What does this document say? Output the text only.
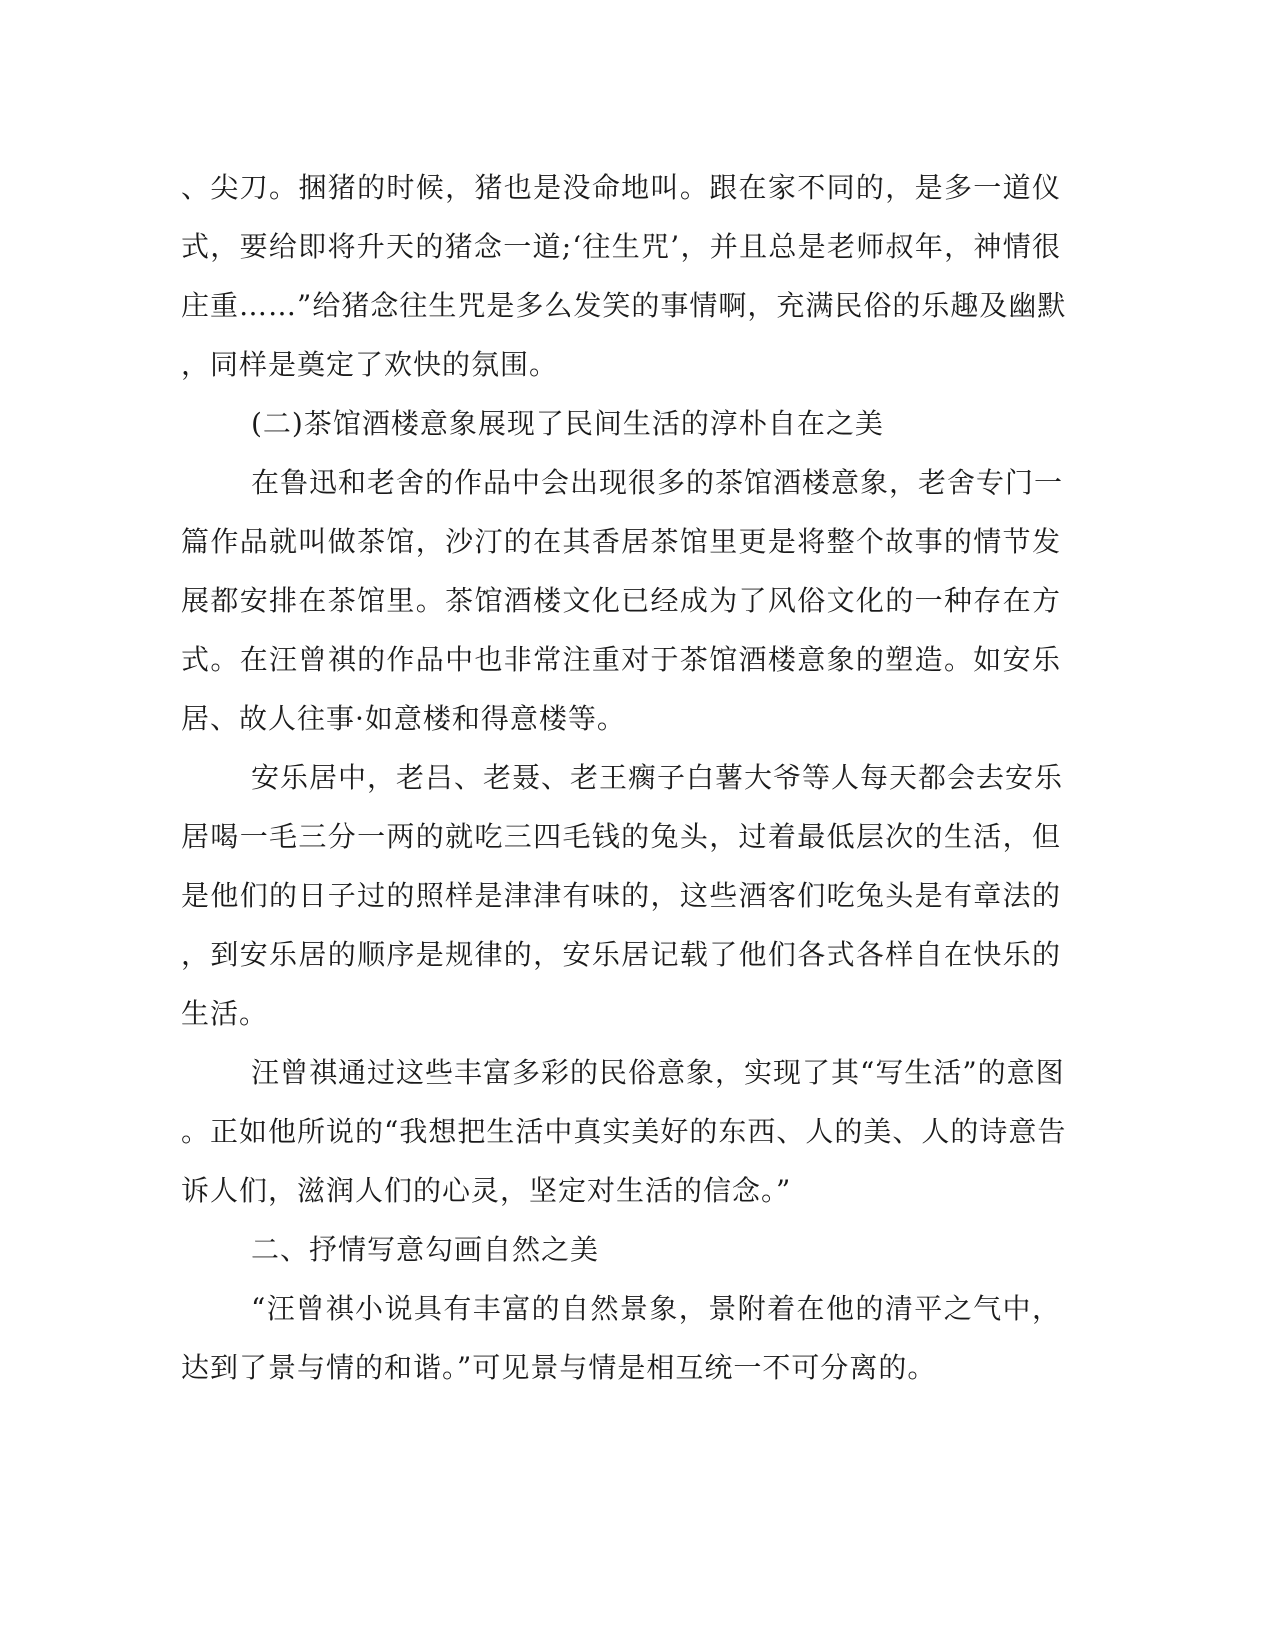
、尖刀。捆猪的时候，猪也是没命地叫。跟在家不同的，是多一道仪
式，要给即将升天的猪念一道;‘往生咒’，并且总是老师叔年，神情很
庄重……”给猪念往生咒是多么发笑的事情啊，充满民俗的乐趣及幽默
，同样是奠定了欢快的氛围。
(二)茶馆酒楼意象展现了民间生活的淳朴自在之美
在鲁迅和老舍的作品中会出现很多的茶馆酒楼意象，老舍专门一
篇作品就叫做茶馆，沙汀的在其香居茶馆里更是将整个故事的情节发
展都安排在茶馆里。茶馆酒楼文化已经成为了风俗文化的一种存在方
式。在汪曾祺的作品中也非常注重对于茶馆酒楼意象的塑造。如安乐
居、故人往事·如意楼和得意楼等。
安乐居中，老吕、老聂、老王瘸子白薯大爷等人每天都会去安乐
居喝一毛三分一两的就吃三四毛钱的兔头，过着最低层次的生活，但
是他们的日子过的照样是津津有味的，这些酒客们吃兔头是有章法的
，到安乐居的顺序是规律的，安乐居记载了他们各式各样自在快乐的
生活。
汪曾祺通过这些丰富多彩的民俗意象，实现了其“写生活”的意图
。正如他所说的“我想把生活中真实美好的东西、人的美、人的诗意告
诉人们，滋润人们的心灵，坚定对生活的信念。”
二、抒情写意勾画自然之美
“汪曾祺小说具有丰富的自然景象，景附着在他的清平之气中，
达到了景与情的和谐。”可见景与情是相互统一不可分离的。
